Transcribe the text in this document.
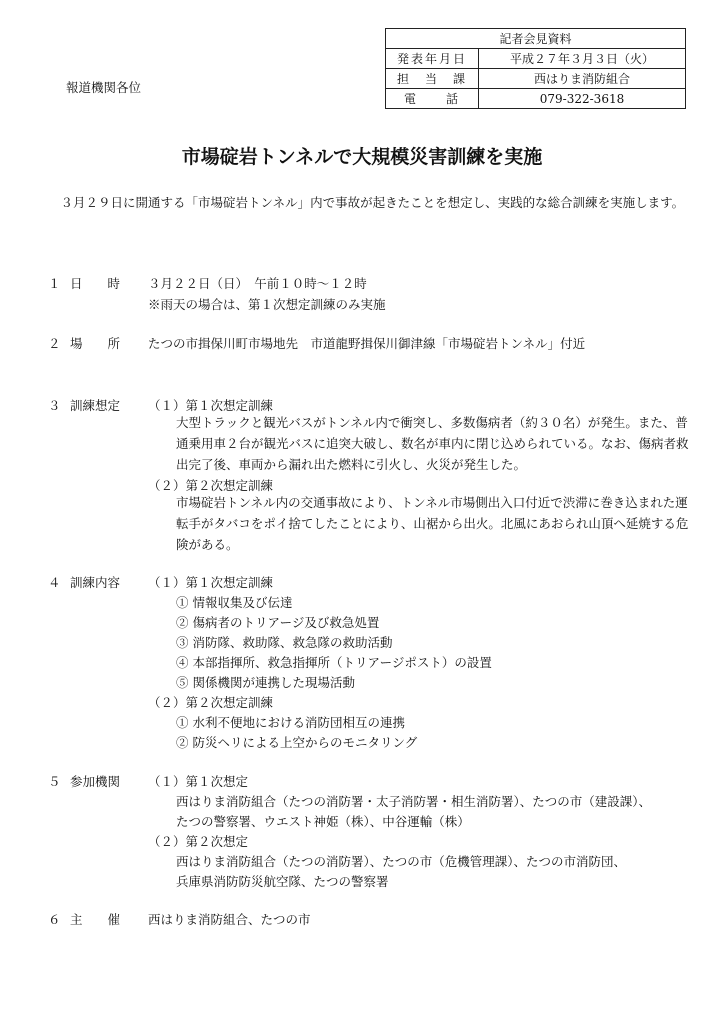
報道機関各位
記者会見資料	
発表年月日	平成２７年３月３日（火）
担　当　課	西はりま消防組合
電　　話	079-322-3618
市場碇岩トンネルで大規模災害訓練を実施
　３月２９日に開通する「市場碇岩トンネル」内で事故が起きたことを想定し、実践的な総合訓練を実施します。
１ 日　　時 ３月２２日（日）　午前１０時～１２時
※雨天の場合は、第１次想定訓練のみ実施
２ 場　　所 たつの市揖保川町市場地先　市道龍野揖保川御津線「市場碇岩トンネル」付近
３ 訓練想定 （１）第１次想定訓練
大型トラックと観光バスがトンネル内で衝突し、多数傷病者（約３０名）が発生。また、普通乗用車２台が観光バスに追突大破し、数名が車内に閉じ込められている。なお、傷病者救出完了後、車両から漏れ出た燃料に引火し、火災が発生した。
（２）第２次想定訓練
市場碇岩トンネル内の交通事故により、トンネル市場側出入口付近で渋滞に巻き込まれた運転手がタバコをポイ捨てしたことにより、山裾から出火。北風にあおられ山頂へ延焼する危険がある。
４ 訓練内容 （１）第１次想定訓練
① 情報収集及び伝達
② 傷病者のトリアージ及び救急処置
③ 消防隊、救助隊、救急隊の救助活動
④ 本部指揮所、救急指揮所（トリアージポスト）の設置
⑤ 関係機関が連携した現場活動
（２）第２次想定訓練
① 水利不便地における消防団相互の連携
② 防災ヘリによる上空からのモニタリング
５ 参加機関 （１）第１次想定
西はりま消防組合（たつの消防署・太子消防署・相生消防署）、たつの市（建設課）、
たつの警察署、ウエスト神姫（株）、中谷運輸（株）
（２）第２次想定
西はりま消防組合（たつの消防署）、たつの市（危機管理課）、たつの市消防団、
兵庫県消防防災航空隊、たつの警察署
６ 主　　催 西はりま消防組合、たつの市
